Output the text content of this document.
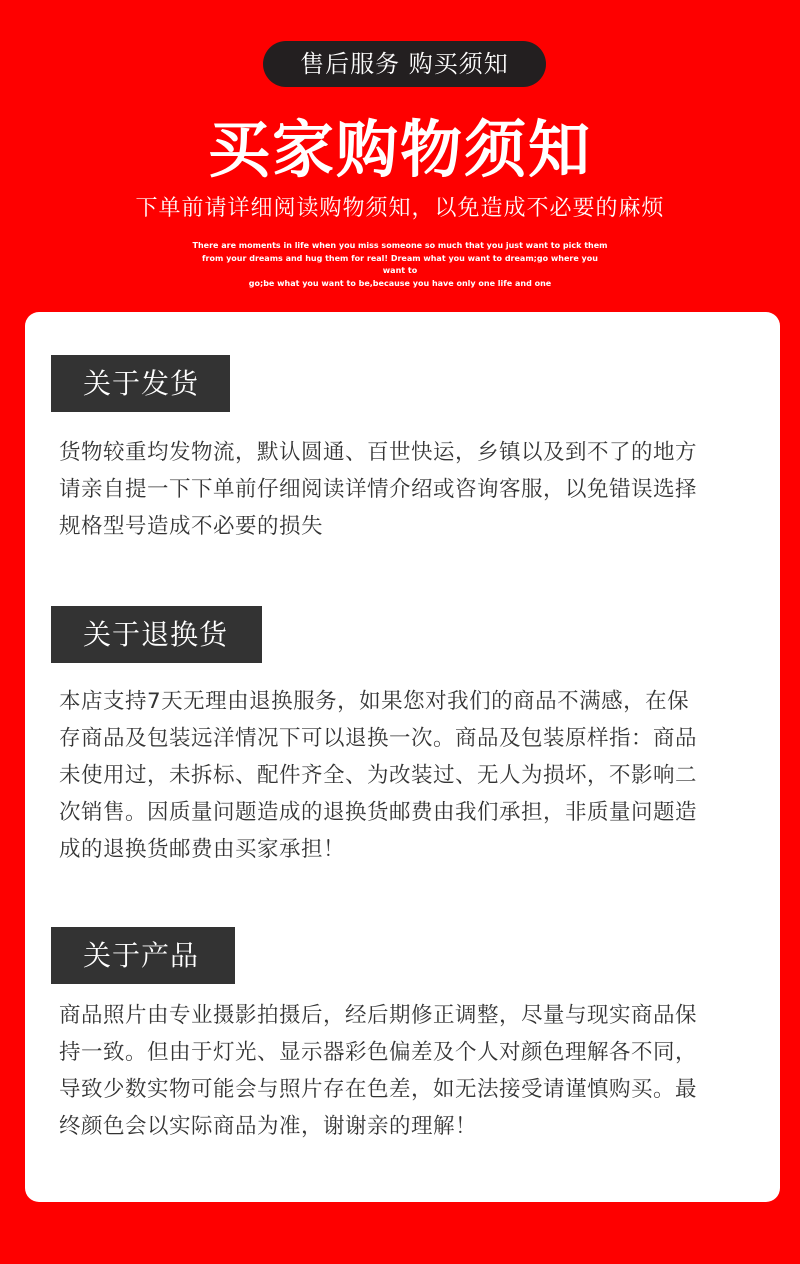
售后服务 购买须知
买家购物须知
下单前请详细阅读购物须知，以免造成不必要的麻烦
There are moments in life when you miss someone so much that you just want to pick them
from your dreams and hug them for real! Dream what you want to dream;go where you want to
go;be what you want to be,because you have only one life and one
关于发货
货物较重均发物流，默认圆通、百世快运，乡镇以及到不了的地方
请亲自提一下下单前仔细阅读详情介绍或咨询客服，以免错误选择
规格型号造成不必要的损失
关于退换货
本店支持7天无理由退换服务，如果您对我们的商品不满感，在保
存商品及包装远洋情况下可以退换一次。商品及包装原样指：商品
未使用过，未拆标、配件齐全、为改装过、无人为损坏，不影响二
次销售。因质量问题造成的退换货邮费由我们承担，非质量问题造
成的退换货邮费由买家承担！
关于产品
商品照片由专业摄影拍摄后，经后期修正调整，尽量与现实商品保
持一致。但由于灯光、显示器彩色偏差及个人对颜色理解各不同，
导致少数实物可能会与照片存在色差，如无法接受请谨慎购买。最
终颜色会以实际商品为准，谢谢亲的理解！
